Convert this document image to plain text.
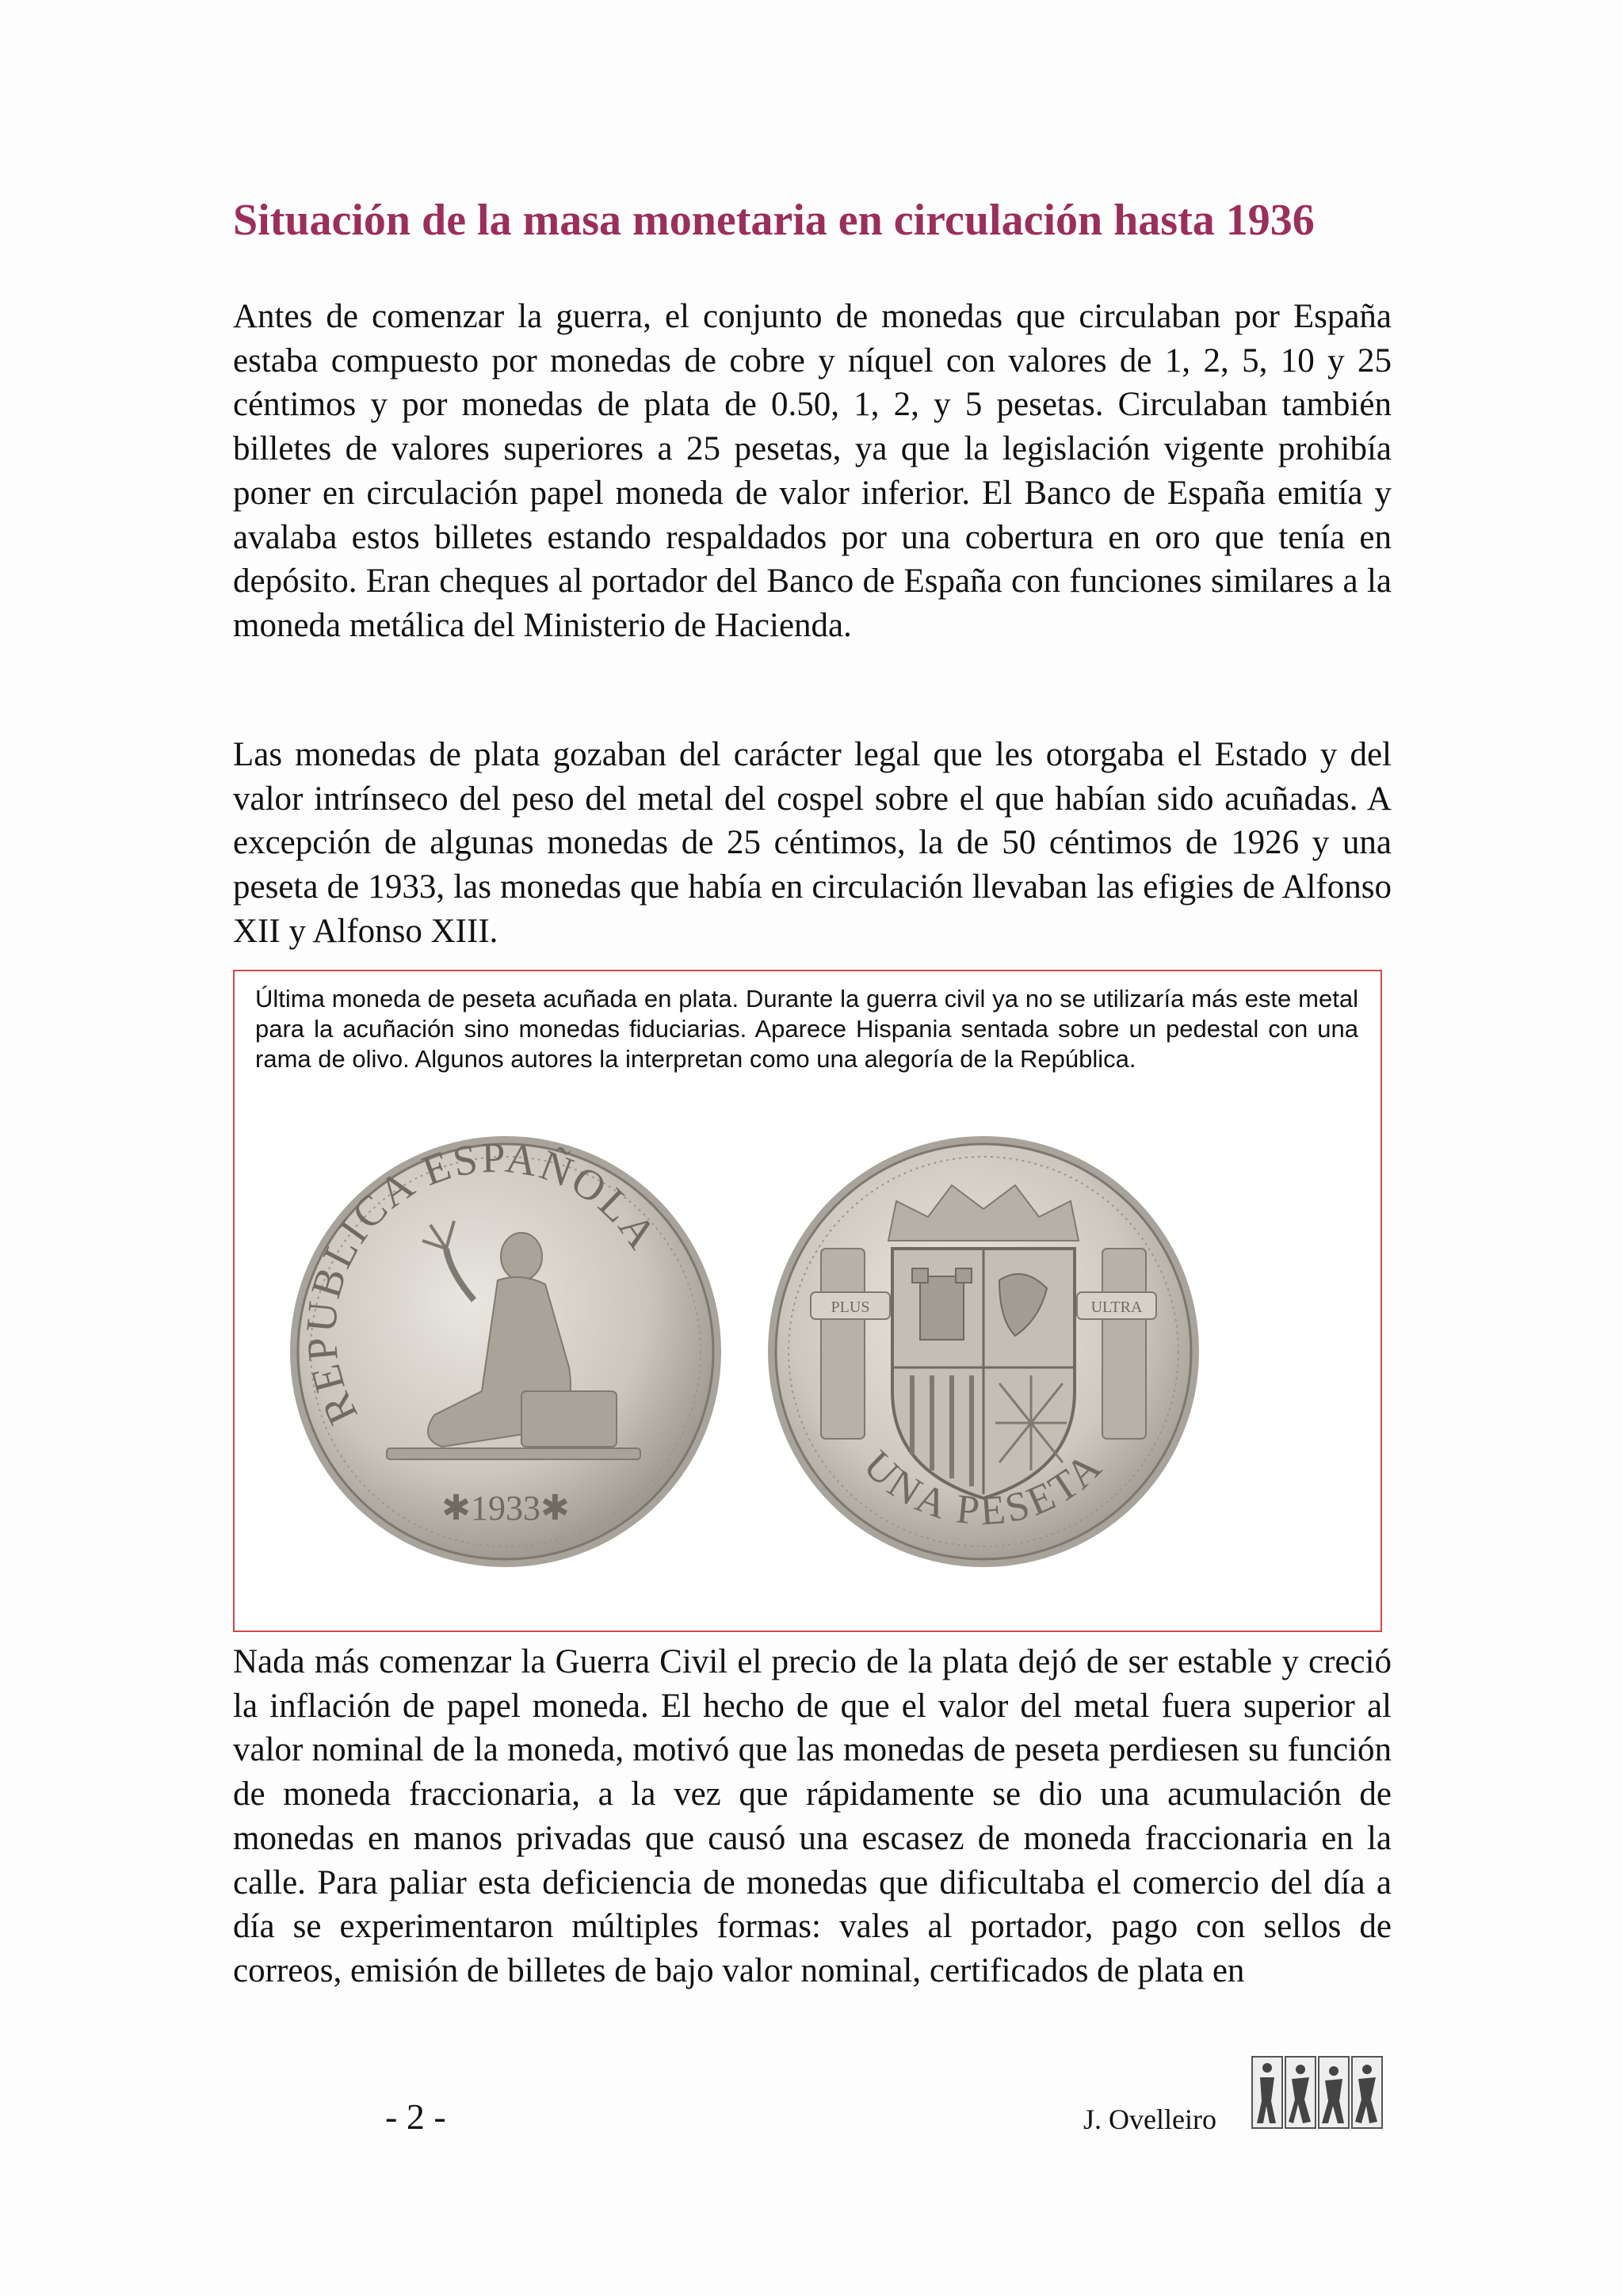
Situación de la masa monetaria en circulación hasta 1936

Antes de comenzar la guerra, el conjunto de monedas que circulaban por España estaba compuesto por monedas de cobre y níquel con valores de 1, 2, 5, 10 y 25 céntimos y por monedas de plata de 0.50, 1, 2, y 5 pesetas. Circulaban también billetes de valores superiores a 25 pesetas, ya que la legislación vigente prohibía poner en circulación papel moneda de valor inferior. El Banco de España emitía y avalaba estos billetes estando respaldados por una cobertura en oro que tenía en depósito. Eran cheques al portador del Banco de España con funciones similares a la moneda metálica del Ministerio de Hacienda.

Las monedas de plata gozaban del carácter legal que les otorgaba el Estado y del valor intrínseco del peso del metal del cospel sobre el que habían sido acuñadas. A excepción de algunas monedas de 25 céntimos, la de 50 céntimos de 1926 y una peseta de 1933, las monedas que había en circulación llevaban las efigies de Alfonso XII y Alfonso XIII.

Última moneda de peseta acuñada en plata. Durante la guerra civil ya no se utilizaría más este metal para la acuñación sino monedas fiduciarias. Aparece Hispania sentada sobre un pedestal con una rama de olivo. Algunos autores la interpretan como una alegoría de la República.

REPUBLICA ESPAÑOLA
✱1933✱
PLUS	ULTRA
UNA PESETA

Nada más comenzar la Guerra Civil el precio de la plata dejó de ser estable y creció la inflación de papel moneda. El hecho de que el valor del metal fuera superior al valor nominal de la moneda, motivó que las monedas de peseta perdiesen su función de moneda fraccionaria, a la vez que rápidamente se dio una acumulación de monedas en manos privadas que causó una escasez de moneda fraccionaria en la calle. Para paliar esta deficiencia de monedas que dificultaba el comercio del día a día se experimentaron múltiples formas: vales al portador, pago con sellos de correos, emisión de billetes de bajo valor nominal, certificados de plata en

- 2 -	J. Ovelleiro
